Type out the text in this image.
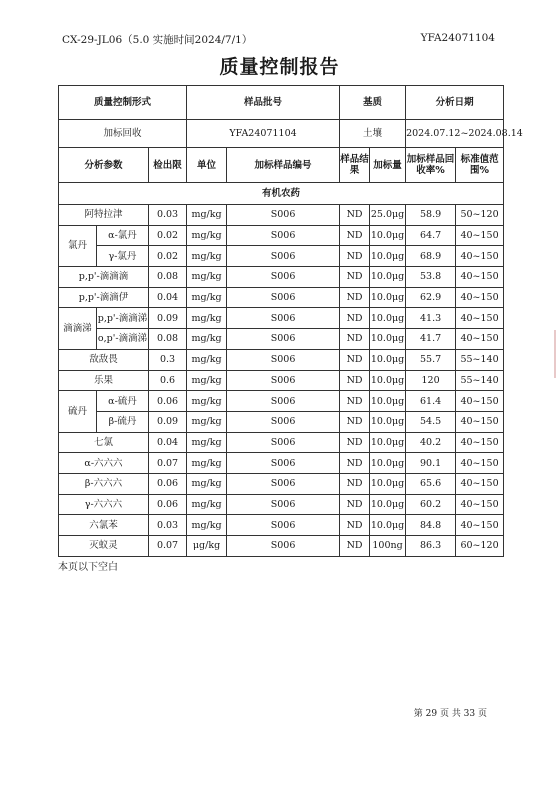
CX-29-JL06（5.0 实施时间2024/7/1）	YFA24071104
质量控制报告
质量控制形式			样品批号		基质		分析日期	
加标回收			YFA24071104		土壤		2024.07.12~2024.08.14	
分析参数		检出限	单位	加标样品编号	样品结果	加标量	加标样品回收率%	标准值范围%
有机农药								
阿特拉津		0.03	mg/kg	S006	ND	25.0μg	58.9	50~120
氯丹	α-氯丹	0.02	mg/kg	S006	ND	10.0μg	64.7	40~150
	γ-氯丹	0.02	mg/kg	S006	ND	10.0μg	68.9	40~150
p,p'-滴滴滴		0.08	mg/kg	S006	ND	10.0μg	53.8	40~150
p,p'-滴滴伊		0.04	mg/kg	S006	ND	10.0μg	62.9	40~150
滴滴涕	p,p'-滴滴涕	0.09	mg/kg	S006	ND	10.0μg	41.3	40~150
	o,p'-滴滴涕	0.08	mg/kg	S006	ND	10.0μg	41.7	40~150
敌敌畏		0.3	mg/kg	S006	ND	10.0μg	55.7	55~140
乐果		0.6	mg/kg	S006	ND	10.0μg	120	55~140
硫丹	α-硫丹	0.06	mg/kg	S006	ND	10.0μg	61.4	40~150
	β-硫丹	0.09	mg/kg	S006	ND	10.0μg	54.5	40~150
七氯		0.04	mg/kg	S006	ND	10.0μg	40.2	40~150
α-六六六		0.07	mg/kg	S006	ND	10.0μg	90.1	40~150
β-六六六		0.06	mg/kg	S006	ND	10.0μg	65.6	40~150
γ-六六六		0.06	mg/kg	S006	ND	10.0μg	60.2	40~150
六氯苯		0.03	mg/kg	S006	ND	10.0μg	84.8	40~150
灭蚁灵		0.07	μg/kg	S006	ND	100ng	86.3	60~120
本页以下空白
第 29 页 共 33 页
